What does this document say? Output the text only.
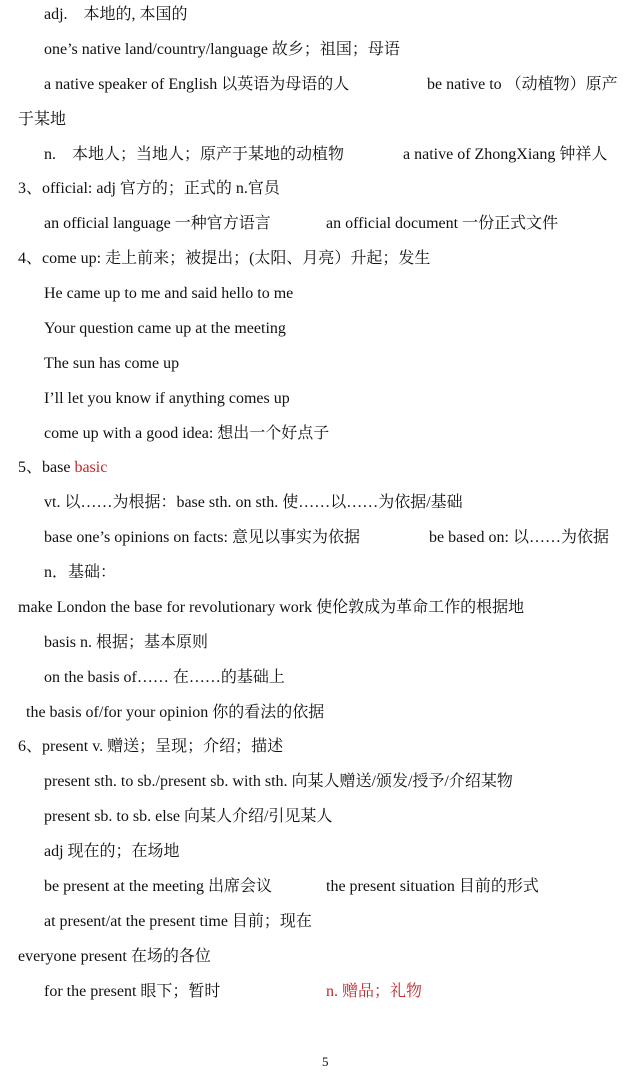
adj.　本地的, 本国的
one’s native land/country/language 故乡；祖国；母语
a native speaker of English 以英语为母语的人	be native to （动植物）原产
于某地
n.　本地人；当地人；原产于某地的动植物	a native of ZhongXiang 钟祥人
3、official: adj 官方的；正式的 n.官员
an official language 一种官方语言	an official document 一份正式文件
4、come up: 走上前来；被提出；(太阳、月亮）升起；发生
He came up to me and said hello to me
Your question came up at the meeting
The sun has come up
I’ll let you know if anything comes up
come up with a good idea: 想出一个好点子
5、base basic
vt. 以……为根据：base sth. on sth. 使……以……为依据/基础
base one’s opinions on facts: 意见以事实为依据	be based on: 以……为依据
n．基础：
make London the base for revolutionary work 使伦敦成为革命工作的根据地
basis n. 根据；基本原则
on the basis of…… 在……的基础上
the basis of/for your opinion 你的看法的依据
6、present v. 赠送；呈现；介绍；描述
present sth. to sb./present sb. with sth. 向某人赠送/颁发/授予/介绍某物
present sb. to sb. else 向某人介绍/引见某人
adj 现在的；在场地
be present at the meeting 出席会议	the present situation 目前的形式
at present/at the present time 目前；现在
everyone present 在场的各位
for the present 眼下；暂时	n. 赠品；礼物
5
